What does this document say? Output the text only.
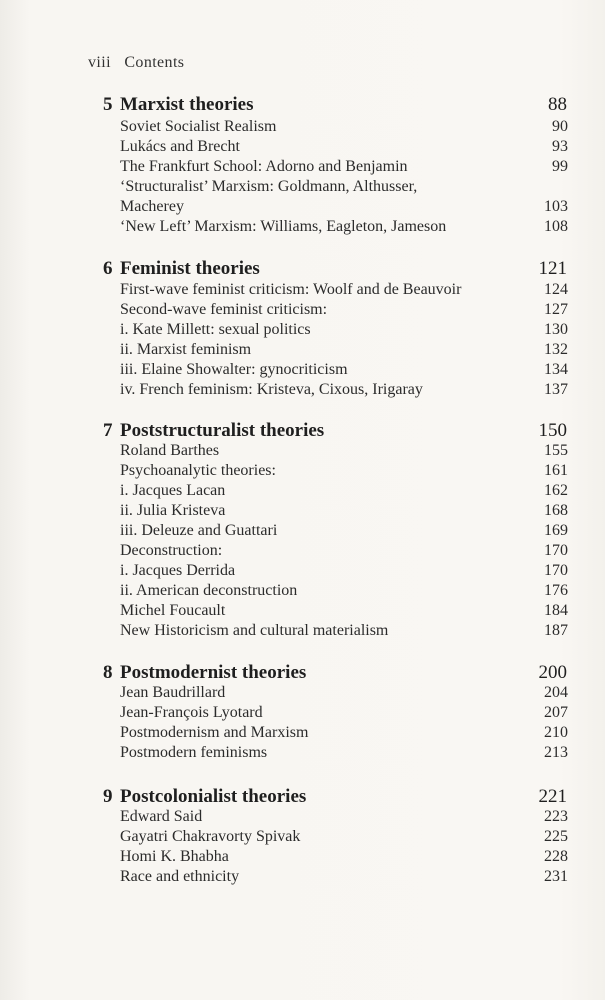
viii Contents
5 Marxist theories	88
Soviet Socialist Realism	90
Lukács and Brecht	93
The Frankfurt School: Adorno and Benjamin	99
‘Structuralist’ Marxism: Goldmann, Althusser, Macherey	103
‘New Left’ Marxism: Williams, Eagleton, Jameson	108
6 Feminist theories	121
First-wave feminist criticism: Woolf and de Beauvoir	124
Second-wave feminist criticism:	127
i. Kate Millett: sexual politics	130
ii. Marxist feminism	132
iii. Elaine Showalter: gynocriticism	134
iv. French feminism: Kristeva, Cixous, Irigaray	137
7 Poststructuralist theories	150
Roland Barthes	155
Psychoanalytic theories:	161
i. Jacques Lacan	162
ii. Julia Kristeva	168
iii. Deleuze and Guattari	169
Deconstruction:	170
i. Jacques Derrida	170
ii. American deconstruction	176
Michel Foucault	184
New Historicism and cultural materialism	187
8 Postmodernist theories	200
Jean Baudrillard	204
Jean-François Lyotard	207
Postmodernism and Marxism	210
Postmodern feminisms	213
9 Postcolonialist theories	221
Edward Said	223
Gayatri Chakravorty Spivak	225
Homi K. Bhabha	228
Race and ethnicity	231
